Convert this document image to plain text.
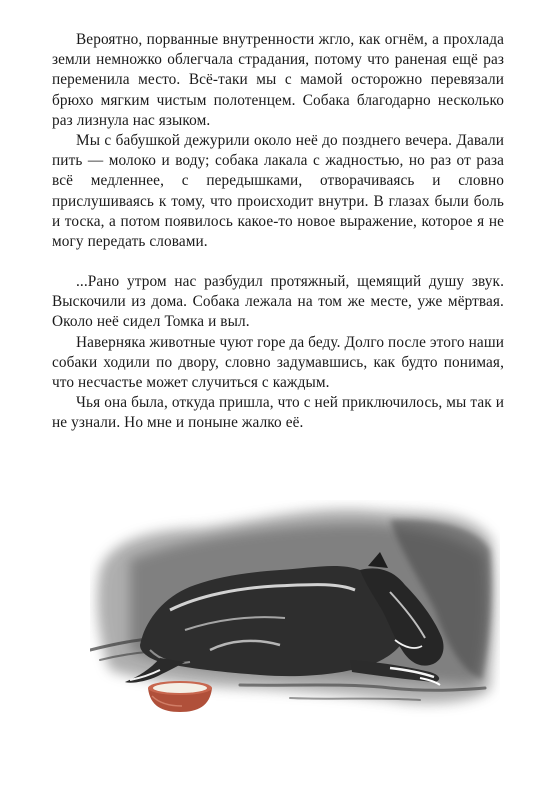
Вероятно, порванные внутренности жгло, как огнём, а прохлада земли немножко облегчала страдания, потому что раненая ещё раз переменила место. Всё-таки мы с мамой осторожно перевязали брюхо мягким чистым полотенцем. Собака благодарно несколько раз лизнула нас языком.

Мы с бабушкой дежурили около неё до позднего вечера. Давали пить — молоко и воду; собака лакала с жадностью, но раз от раза всё медленнее, с передышками, отворачиваясь и словно прислушиваясь к тому, что происходит внутри. В глазах были боль и тоска, а потом появилось какое-то новое выражение, которое я не могу передать словами.

...Рано утром нас разбудил протяжный, щемящий душу звук. Выскочили из дома. Собака лежала на том же месте, уже мёртвая. Около неё сидел Томка и выл.

Наверняка животные чуют горе да беду. Долго после этого наши собаки ходили по двору, словно задумавшись, как будто понимая, что несчастье может случиться с каждым.

Чья она была, откуда пришла, что с ней приключилось, мы так и не узнали. Но мне и поныне жалко её.
